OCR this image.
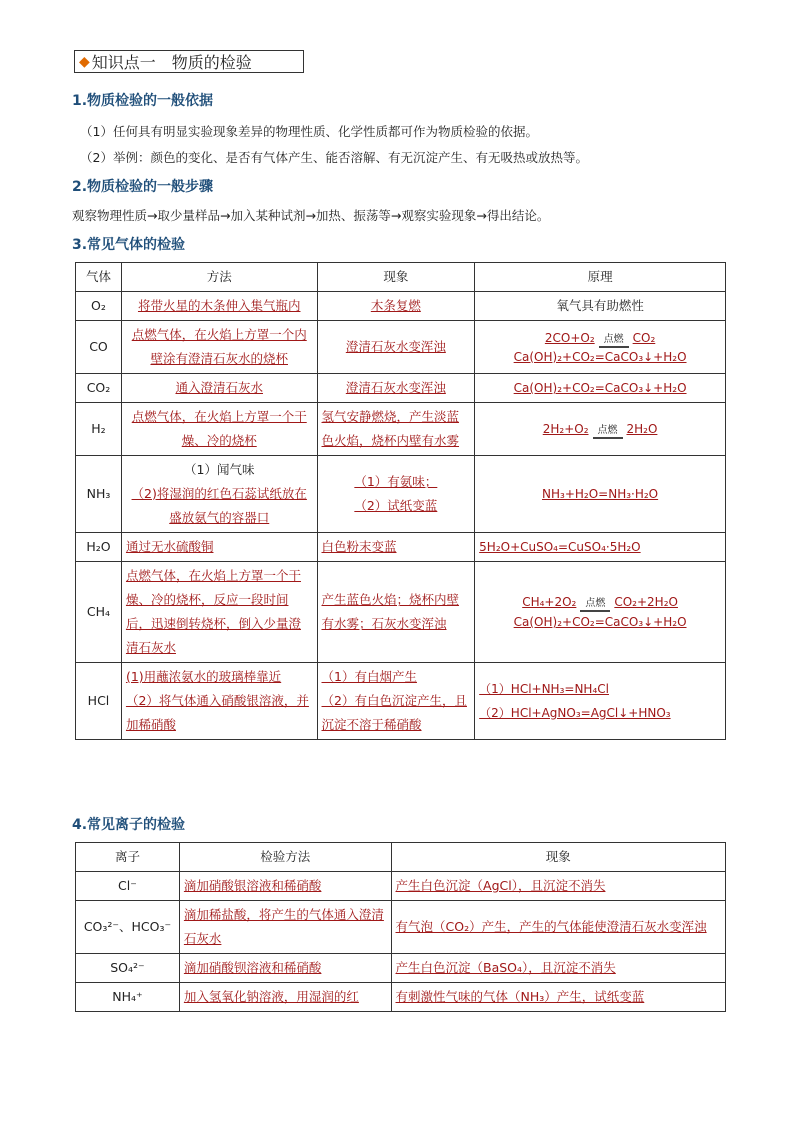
◆ 知识点一　物质的检验
1.物质检验的一般依据

（1）任何具有明显实验现象差异的物理性质、化学性质都可作为物质检验的依据。

（2）举例：颜色的变化、是否有气体产生、能否溶解、有无沉淀产生、有无吸热或放热等。

2.物质检验的一般步骤

观察物理性质→取少量样品→加入某种试剂→加热、振荡等→观察实验现象→得出结论。

3.常见气体的检验
气体	方法	现象	原理
O₂	将带火星的木条伸入集气瓶内	木条复燃	氧气具有助燃性
CO	点燃气体，在火焰上方罩一个内壁涂有澄清石灰水的烧杯	澄清石灰水变浑浊	2CO+O₂ 点燃 CO₂
Ca(OH)₂+CO₂=CaCO₃↓+H₂O
CO₂	通入澄清石灰水	澄清石灰水变浑浊	Ca(OH)₂+CO₂=CaCO₃↓+H₂O
H₂	点燃气体，在火焰上方罩一个干燥、冷的烧杯	氢气安静燃烧，产生淡蓝色火焰，烧杯内壁有水雾	2H₂+O₂ 点燃 2H₂O
NH₃	（1）闻气味
（2)将湿润的红色石蕊试纸放在盛放氨气的容器口	（1）有氨味；
（2）试纸变蓝	NH₃+H₂O=NH₃·H₂O
H₂O	通过无水硫酸铜	白色粉末变蓝	5H₂O+CuSO₄=CuSO₄·5H₂O
CH₄	点燃气体，在火焰上方罩一个干燥、冷的烧杯，反应一段时间后，迅速倒转烧杯，倒入少量澄清石灰水	产生蓝色火焰；烧杯内壁有水雾；石灰水变浑浊	CH₄+2O₂ 点燃 CO₂+2H₂O
Ca(OH)₂+CO₂=CaCO₃↓+H₂O
HCl	(1)用蘸浓氨水的玻璃棒靠近
（2）将气体通入硝酸银溶液，并加稀硝酸	（1）有白烟产生
（2）有白色沉淀产生，且沉淀不溶于稀硝酸	（1）HCl+NH₃=NH₄Cl
（2）HCl+AgNO₃=AgCl↓+HNO₃
4.常见离子的检验
离子	检验方法	现象
Cl⁻	滴加硝酸银溶液和稀硝酸	产生白色沉淀（AgCl），且沉淀不消失
CO₃²⁻、HCO₃⁻	滴加稀盐酸，将产生的气体通入澄清石灰水	有气泡（CO₂）产生，产生的气体能使澄清石灰水变浑浊
SO₄²⁻	滴加硝酸钡溶液和稀硝酸	产生白色沉淀（BaSO₄），且沉淀不消失
NH₄⁺	加入氢氧化钠溶液，用湿润的红	有刺激性气味的气体（NH₃）产生，试纸变蓝
